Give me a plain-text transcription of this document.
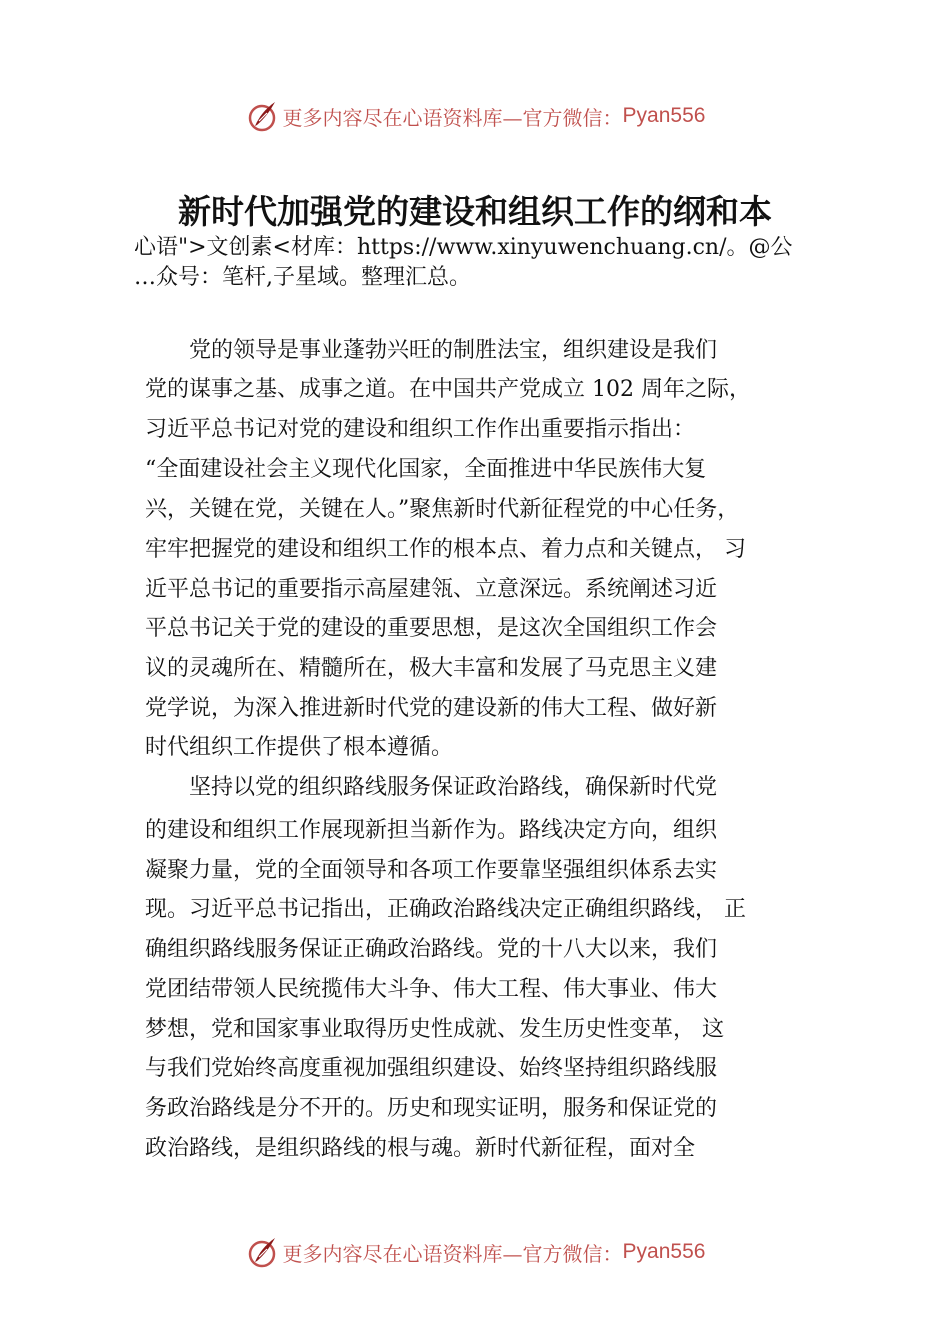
更多内容尽在心语资料库—官方微信： Pyan556
新时代加强党的建设和组织工作的纲和本
心语">文创素<材库：https://www.xinyuwenchuang.cn/。@公
…众号：笔杆,子星域。整理汇总。
　　党的领导是事业蓬勃兴旺的制胜法宝，组织建设是我们
党的谋事之基、成事之道。在中国共产党成立 102 周年之际，
习近平总书记对党的建设和组织工作作出重要指示指出：
“全面建设社会主义现代化国家，全面推进中华民族伟大复
兴，关键在党，关键在人。”聚焦新时代新征程党的中心任务，
牢牢把握党的建设和组织工作的根本点、着力点和关键点， 习
近平总书记的重要指示高屋建瓴、立意深远。系统阐述习近
平总书记关于党的建设的重要思想，是这次全国组织工作会
议的灵魂所在、精髓所在，极大丰富和发展了马克思主义建
党学说，为深入推进新时代党的建设新的伟大工程、做好新
时代组织工作提供了根本遵循。
　　坚持以党的组织路线服务保证政治路线，确保新时代党
的建设和组织工作展现新担当新作为。路线决定方向，组织
凝聚力量，党的全面领导和各项工作要靠坚强组织体系去实
现。习近平总书记指出，正确政治路线决定正确组织路线， 正
确组织路线服务保证正确政治路线。党的十八大以来，我们
党团结带领人民统揽伟大斗争、伟大工程、伟大事业、伟大
梦想，党和国家事业取得历史性成就、发生历史性变革， 这
与我们党始终高度重视加强组织建设、始终坚持组织路线服
务政治路线是分不开的。历史和现实证明，服务和保证党的
政治路线，是组织路线的根与魂。新时代新征程，面对全
更多内容尽在心语资料库—官方微信： Pyan556
